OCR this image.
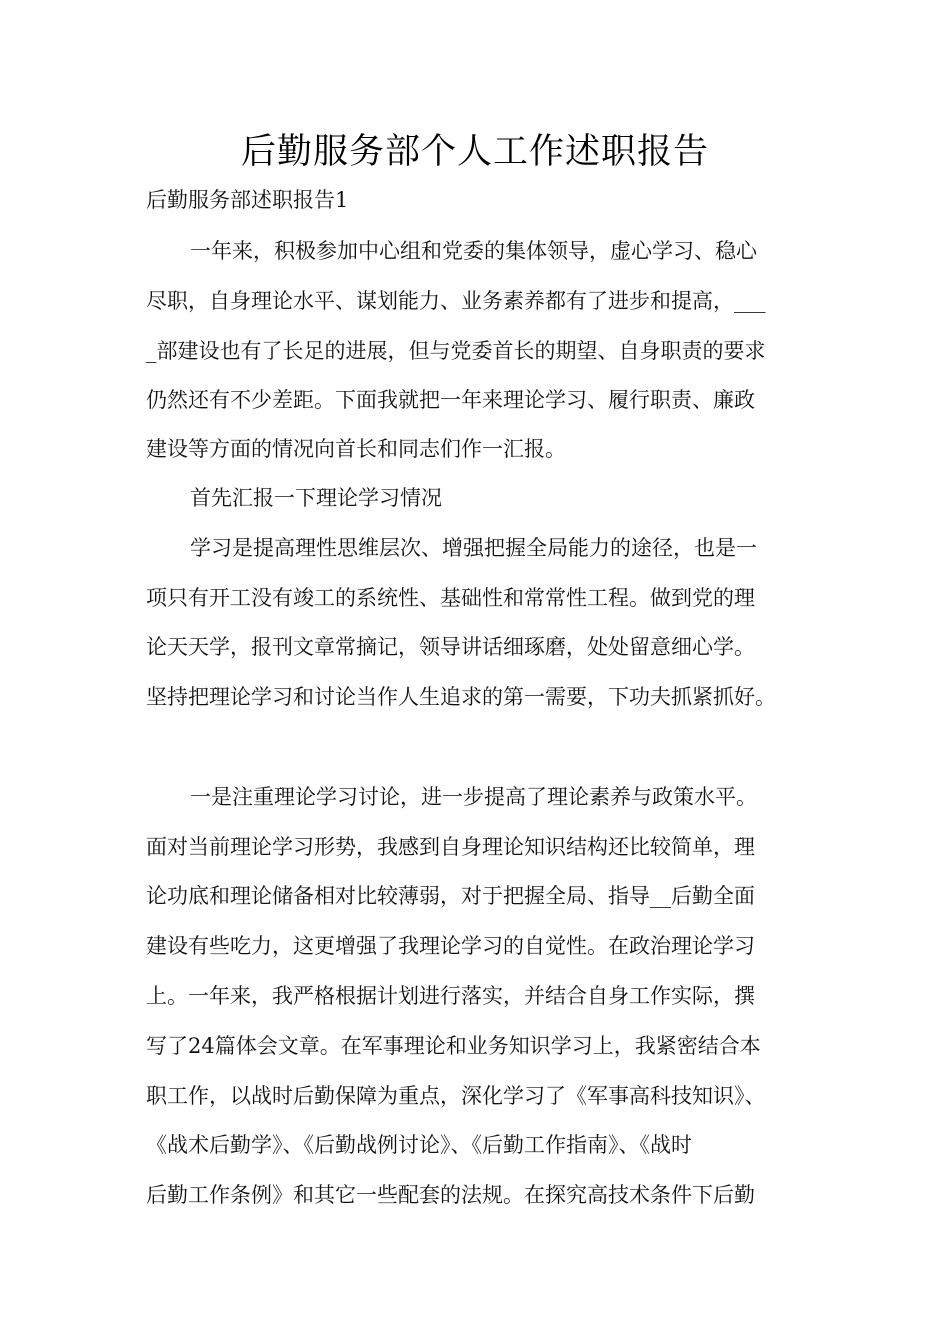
后勤服务部个人工作述职报告
后勤服务部述职报告1
一年来，积极参加中心组和党委的集体领导，虚心学习、稳心
尽职，自身理论水平、谋划能力、业务素养都有了进步和提高，___
_部建设也有了长足的进展，但与党委首长的期望、自身职责的要求
仍然还有不少差距。下面我就把一年来理论学习、履行职责、廉政
建设等方面的情况向首长和同志们作一汇报。
首先汇报一下理论学习情况
学习是提高理性思维层次、增强把握全局能力的途径，也是一
项只有开工没有竣工的系统性、基础性和常常性工程。做到党的理
论天天学，报刊文章常摘记，领导讲话细琢磨，处处留意细心学。
坚持把理论学习和讨论当作人生追求的第一需要，下功夫抓紧抓好。
一是注重理论学习讨论，进一步提高了理论素养与政策水平。
面对当前理论学习形势，我感到自身理论知识结构还比较简单，理
论功底和理论储备相对比较薄弱，对于把握全局、指导__后勤全面
建设有些吃力，这更增强了我理论学习的自觉性。在政治理论学习
上。一年来，我严格根据计划进行落实，并结合自身工作实际，撰
写了24篇体会文章。在军事理论和业务知识学习上，我紧密结合本
职工作，以战时后勤保障为重点，深化学习了《军事高科技知识》、
《战术后勤学》、《后勤战例讨论》、《后勤工作指南》、《战时
后勤工作条例》和其它一些配套的法规。在探究高技术条件下后勤
